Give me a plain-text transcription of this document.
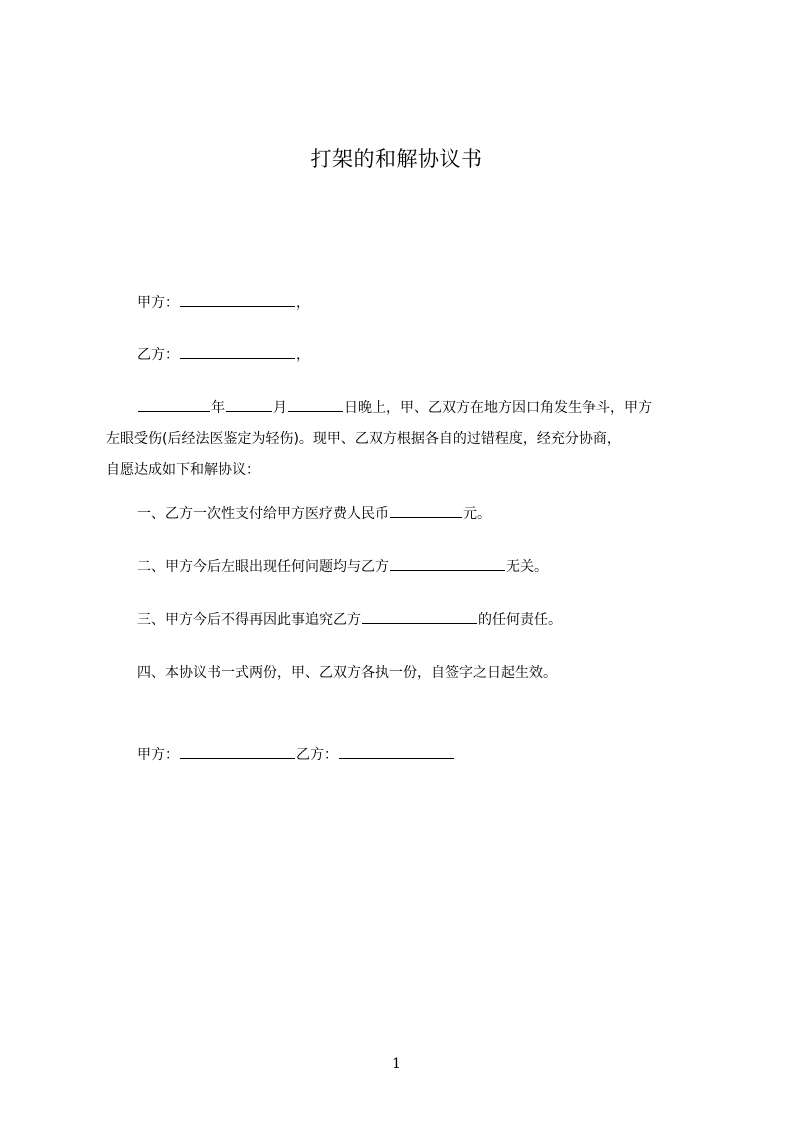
打架的和解协议书
甲方：	，
乙方：	，
年	月	日晚上，甲、乙双方在地方因口角发生争斗，甲方
左眼受伤(后经法医鉴定为轻伤)。现甲、乙双方根据各自的过错程度，经充分协商，
自愿达成如下和解协议：
一、乙方一次性支付给甲方医疗费人民币	元。
二、甲方今后左眼出现任何问题均与乙方	无关。
三、甲方今后不得再因此事追究乙方	的任何责任。
四、本协议书一式两份，甲、乙双方各执一份，自签字之日起生效。
甲方：	乙方：
1
